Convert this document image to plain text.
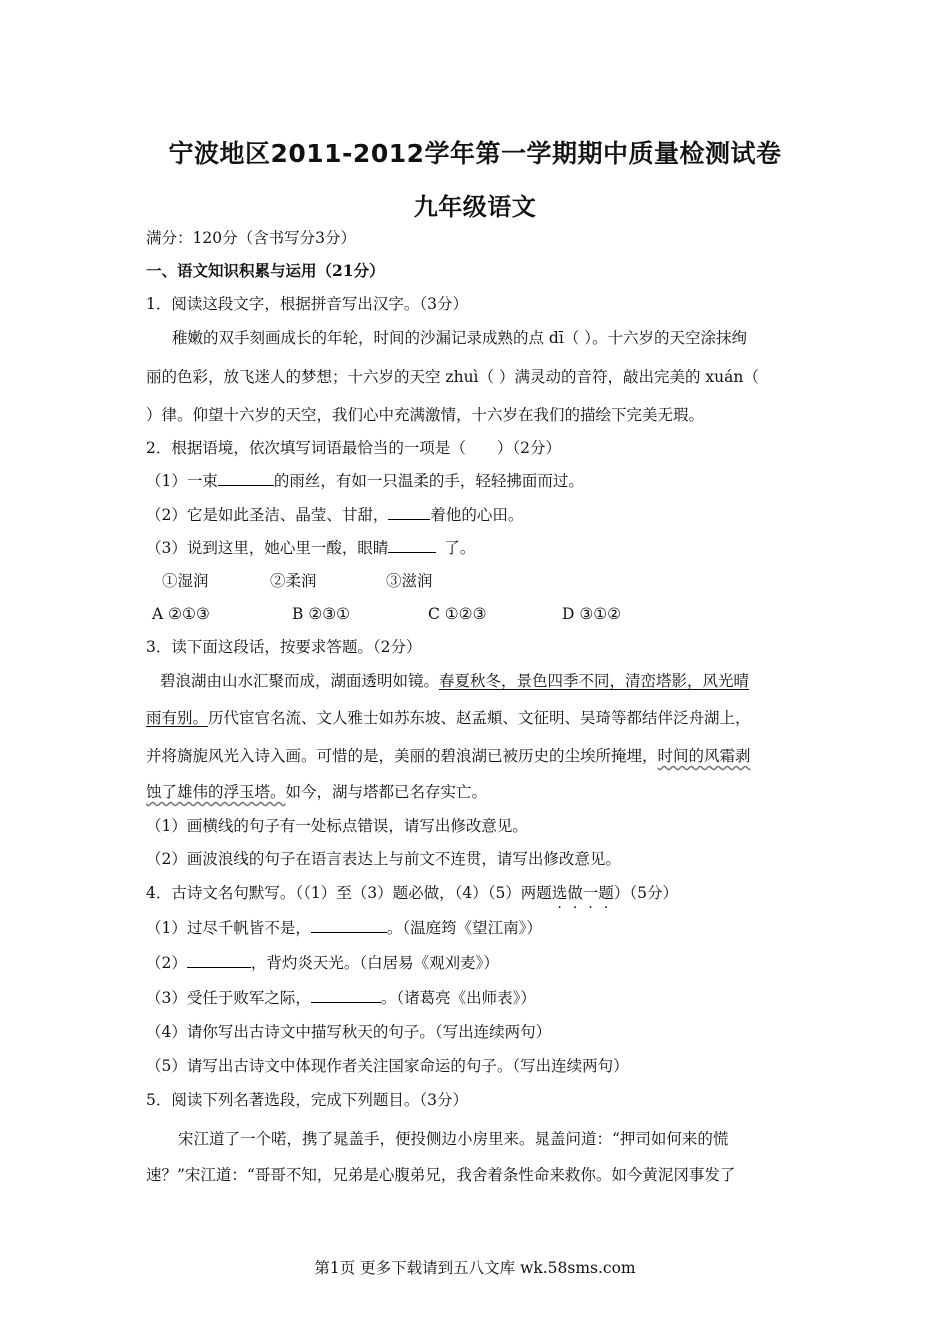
宁波地区2011-2012学年第一学期期中质量检测试卷
九年级语文
满分：120分（含书写分3分）
一、语文知识积累与运用（21分）
1．阅读这段文字，根据拼音写出汉字。（3分）
稚嫩的双手刻画成长的年轮，时间的沙漏记录成熟的点 dī（ ）。十六岁的天空涂抹绚
丽的色彩，放飞迷人的梦想；十六岁的天空 zhuì（ ）满灵动的音符，敲出完美的 xuán（
）律。仰望十六岁的天空，我们心中充满激情，十六岁在我们的描绘下完美无瑕。
2．根据语境，依次填写词语最恰当的一项是（　　）（2分）
（1）一束	的雨丝，有如一只温柔的手，轻轻拂面而过。
（2）它是如此圣洁、晶莹、甘甜，	着他的心田。
（3）说到这里，她心里一酸，眼睛	了。
①湿润	②柔润	③滋润
A ②①③	B ②③①	C ①②③	D ③①②
3．读下面这段话，按要求答题。（2分）
碧浪湖由山水汇聚而成，湖面透明如镜。春夏秋冬，景色四季不同，清峦塔影，风光晴
雨有别。历代宦官名流、文人雅士如苏东坡、赵孟頫、文征明、吴琦等都结伴泛舟湖上，
并将旖旎风光入诗入画。可惜的是，美丽的碧浪湖已被历史的尘埃所掩埋，时间的风霜剥
蚀了雄伟的浮玉塔。如今，湖与塔都已名存实亡。
（1）画横线的句子有一处标点错误，请写出修改意见。
（2）画波浪线的句子在语言表达上与前文不连贯，请写出修改意见。
4．古诗文名句默写。（（1）至（3）题必做，（4）（5）两题选做一题）（5分）
（1）过尽千帆皆不是，	。（温庭筠《望江南》）
（2）	，背灼炎天光。（白居易《观刈麦》）
（3）受任于败军之际，	。（诸葛亮《出师表》）
（4）请你写出古诗文中描写秋天的句子。（写出连续两句）
（5）请写出古诗文中体现作者关注国家命运的句子。（写出连续两句）
5．阅读下列名著选段，完成下列题目。（3分）
宋江道了一个喏，携了晁盖手，便投侧边小房里来。晁盖问道：“押司如何来的慌
速？”宋江道：“哥哥不知，兄弟是心腹弟兄，我舍着条性命来救你。如今黄泥冈事发了
第1页 更多下载请到五八文库 wk.58sms.com
